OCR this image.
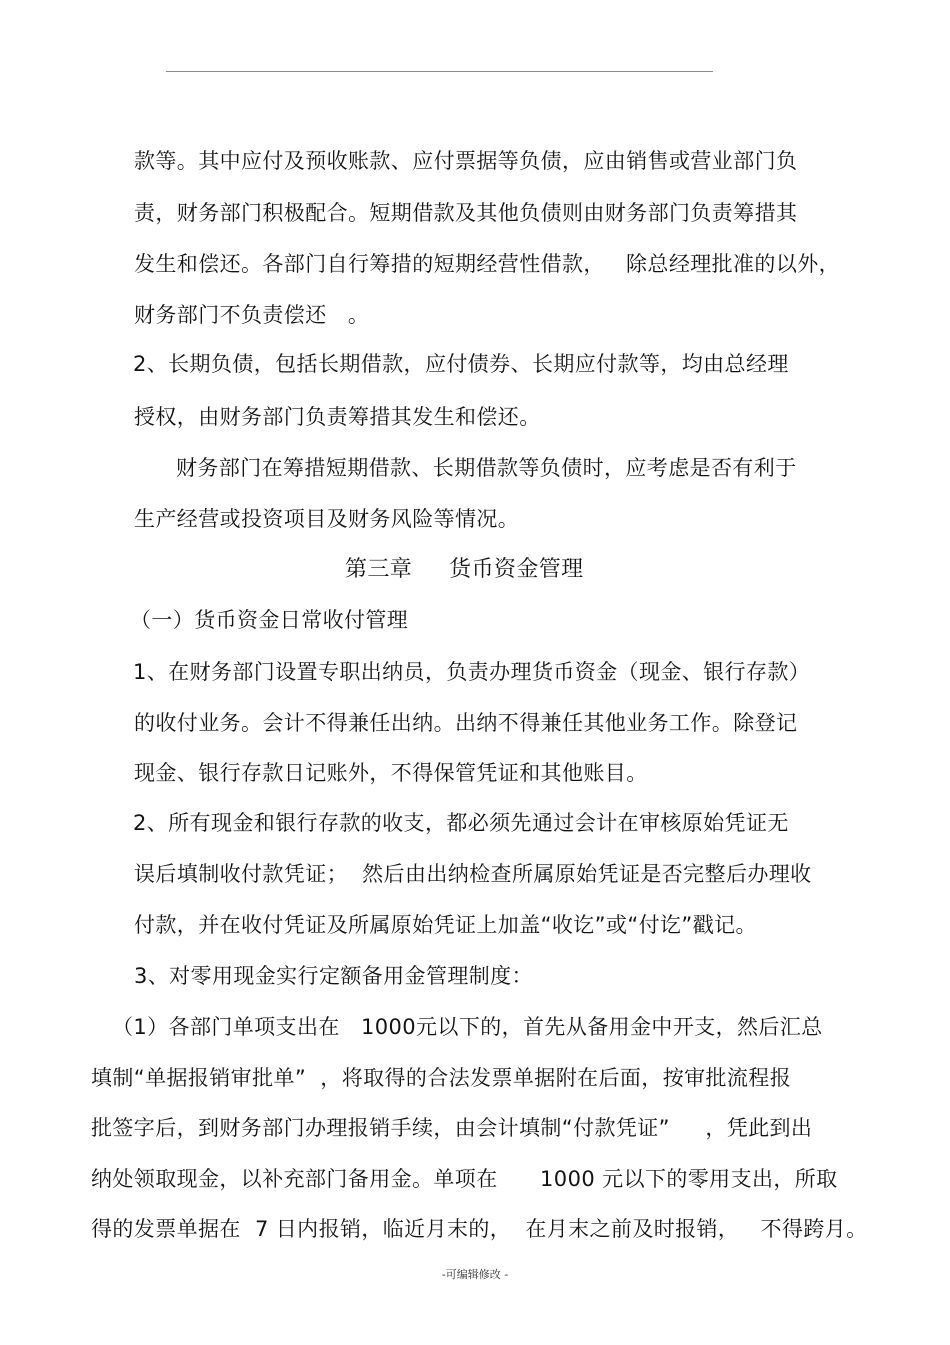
款等。其中应付及预收账款、应付票据等负债，应由销售或营业部门负
责，财务部门积极配合。短期借款及其他负债则由财务部门负责筹措其
发生和偿还。各部门自行筹措的短期经营性借款，   除总经理批准的以外，
财务部门不负责偿还   。
2、长期负债，包括长期借款，应付债券、长期应付款等，均由总经理
授权，由财务部门负责筹措其发生和偿还。
财务部门在筹措短期借款、长期借款等负债时，应考虑是否有利于
生产经营或投资项目及财务风险等情况。
第三章     货币资金管理
（一）货币资金日常收付管理
1、在财务部门设置专职出纳员，负责办理货币资金（现金、银行存款）
的收付业务。会计不得兼任出纳。出纳不得兼任其他业务工作。除登记
现金、银行存款日记账外，不得保管凭证和其他账目。
2、所有现金和银行存款的收支，都必须先通过会计在审核原始凭证无
误后填制收付款凭证；  然后由出纳检查所属原始凭证是否完整后办理收
付款，并在收付凭证及所属原始凭证上加盖“收讫”或“付讫”戳记。
3、对零用现金实行定额备用金管理制度：
（1）各部门单项支出在   1000元以下的，首先从备用金中开支，然后汇总
填制“单据报销审批单”  ，将取得的合法发票单据附在后面，按审批流程报
批签字后，到财务部门办理报销手续，由会计填制“付款凭证”     ，凭此到出
纳处领取现金，以补充部门备用金。单项在      1000 元以下的零用支出，所取
得的发票单据在  7 日内报销，临近月末的，  在月末之前及时报销，   不得跨月。
-可编辑修改 -
